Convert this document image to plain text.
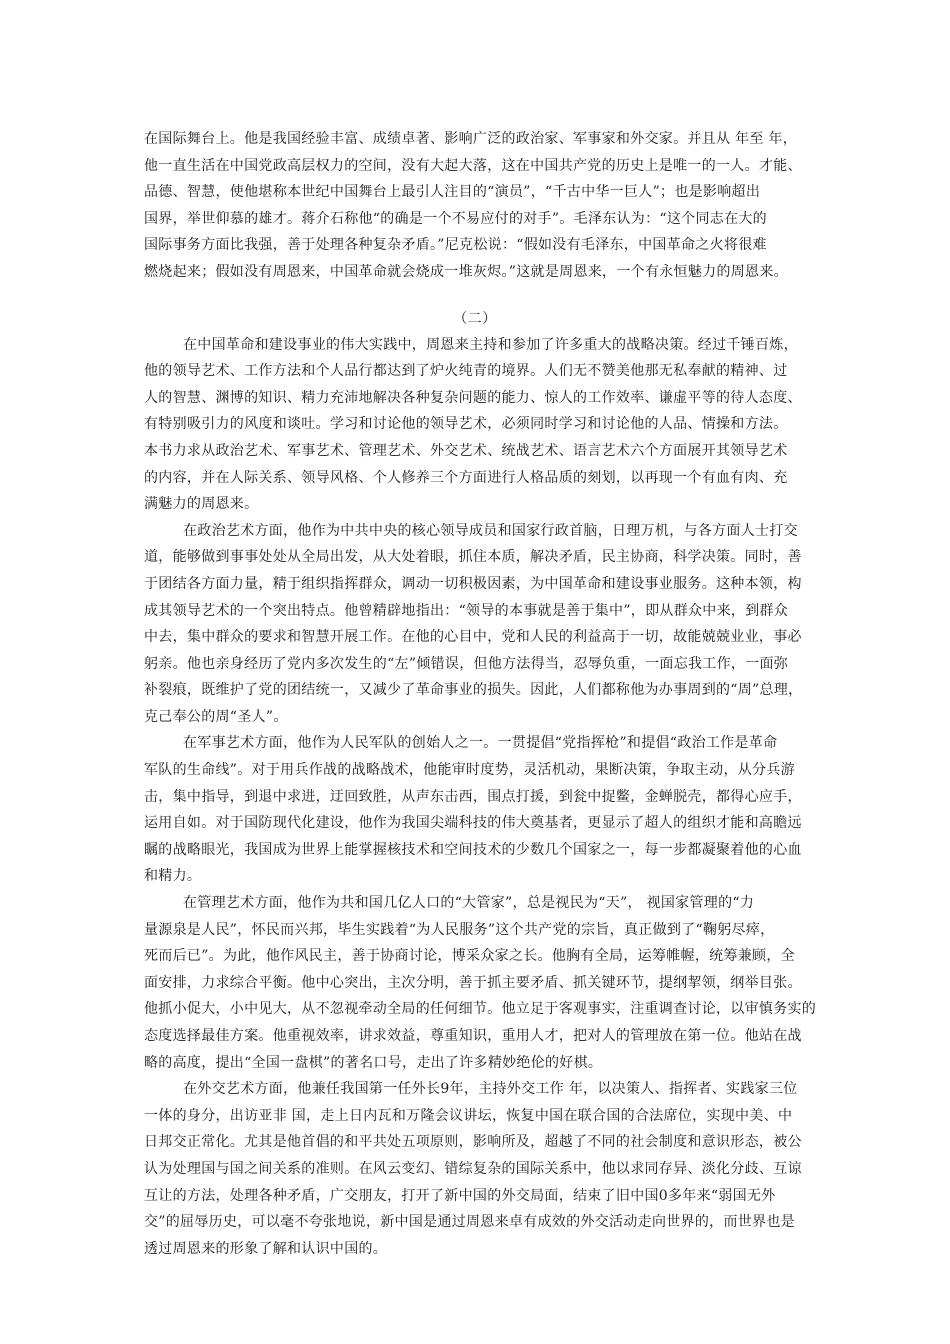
在国际舞台上。他是我国经验丰富、成绩卓著、影响广泛的政治家、军事家和外交家。并且从 年至 年，
他一直生活在中国党政高层权力的空间，没有大起大落，这在中国共产党的历史上是唯一的一人。才能、
品德、智慧，使他堪称本世纪中国舞台上最引人注目的“演员”，“千古中华一巨人”；也是影响超出
国界，举世仰慕的雄才。蒋介石称他“的确是一个不易应付的对手”。毛泽东认为：“这个同志在大的
国际事务方面比我强，善于处理各种复杂矛盾。”尼克松说：“假如没有毛泽东，中国革命之火将很难
燃烧起来；假如没有周恩来，中国革命就会烧成一堆灰烬。”这就是周恩来，一个有永恒魅力的周恩来。
（二）
在中国革命和建设事业的伟大实践中，周恩来主持和参加了许多重大的战略决策。经过千锤百炼，
他的领导艺术、工作方法和个人品行都达到了炉火纯青的境界。人们无不赞美他那无私奉献的精神、过
人的智慧、渊博的知识、精力充沛地解决各种复杂问题的能力、惊人的工作效率、谦虚平等的待人态度、
有特别吸引力的风度和谈吐。学习和讨论他的领导艺术，必须同时学习和讨论他的人品、情操和方法。
本书力求从政治艺术、军事艺术、管理艺术、外交艺术、统战艺术、语言艺术六个方面展开其领导艺术
的内容，并在人际关系、领导风格、个人修养三个方面进行人格品质的刻划，以再现一个有血有肉、充
满魅力的周恩来。
在政治艺术方面，他作为中共中央的核心领导成员和国家行政首脑，日理万机，与各方面人士打交
道，能够做到事事处处从全局出发，从大处着眼，抓住本质，解决矛盾，民主协商，科学决策。同时，善
于团结各方面力量，精于组织指挥群众，调动一切积极因素，为中国革命和建设事业服务。这种本领，构
成其领导艺术的一个突出特点。他曾精辟地指出：“领导的本事就是善于集中”，即从群众中来，到群众
中去，集中群众的要求和智慧开展工作。在他的心目中，党和人民的利益高于一切，故能兢兢业业，事必
躬亲。他也亲身经历了党内多次发生的“左”倾错误，但他方法得当，忍辱负重，一面忘我工作，一面弥
补裂痕，既维护了党的团结统一，又减少了革命事业的损失。因此，人们都称他为办事周到的“周”总理，
克己奉公的周“圣人”。
在军事艺术方面，他作为人民军队的创始人之一。一贯提倡“党指挥枪”和提倡“政治工作是革命
军队的生命线”。对于用兵作战的战略战术，他能审时度势，灵活机动，果断决策，争取主动，从分兵游
击，集中指导，到退中求进，迂回致胜，从声东击西，围点打援，到瓮中捉鳖，金蝉脱壳，都得心应手，
运用自如。对于国防现代化建设，他作为我国尖端科技的伟大奠基者，更显示了超人的组织才能和高瞻远
瞩的战略眼光，我国成为世界上能掌握核技术和空间技术的少数几个国家之一，每一步都凝聚着他的心血
和精力。
在管理艺术方面，他作为共和国几亿人口的“大管家”，总是视民为“天”， 视国家管理的“力
量源泉是人民”，怀民而兴邦，毕生实践着“为人民服务”这个共产党的宗旨，真正做到了“鞠躬尽瘁，
死而后已”。为此，他作风民主，善于协商讨论，博采众家之长。他胸有全局，运筹帷幄，统筹兼顾，全
面安排，力求综合平衡。他中心突出，主次分明，善于抓主要矛盾、抓关键环节，提纲挈领，纲举目张。
他抓小促大，小中见大，从不忽视牵动全局的任何细节。他立足于客观事实，注重调查讨论，以审慎务实的
态度选择最佳方案。他重视效率，讲求效益，尊重知识，重用人才，把对人的管理放在第一位。他站在战
略的高度，提出“全国一盘棋”的著名口号，走出了许多精妙绝伦的好棋。
在外交艺术方面，他兼任我国第一任外长9年，主持外交工作 年，以决策人、指挥者、实践家三位
一体的身分，出访亚非 国，走上日内瓦和万隆会议讲坛，恢复中国在联合国的合法席位，实现中美、中
日邦交正常化。尤其是他首倡的和平共处五项原则，影响所及，超越了不同的社会制度和意识形态，被公
认为处理国与国之间关系的准则。在风云变幻、错综复杂的国际关系中，他以求同存异、淡化分歧、互谅
互让的方法，处理各种矛盾，广交朋友，打开了新中国的外交局面，结束了旧中国0多年来“弱国无外
交”的屈辱历史，可以毫不夸张地说，新中国是通过周恩来卓有成效的外交活动走向世界的，而世界也是
透过周恩来的形象了解和认识中国的。
